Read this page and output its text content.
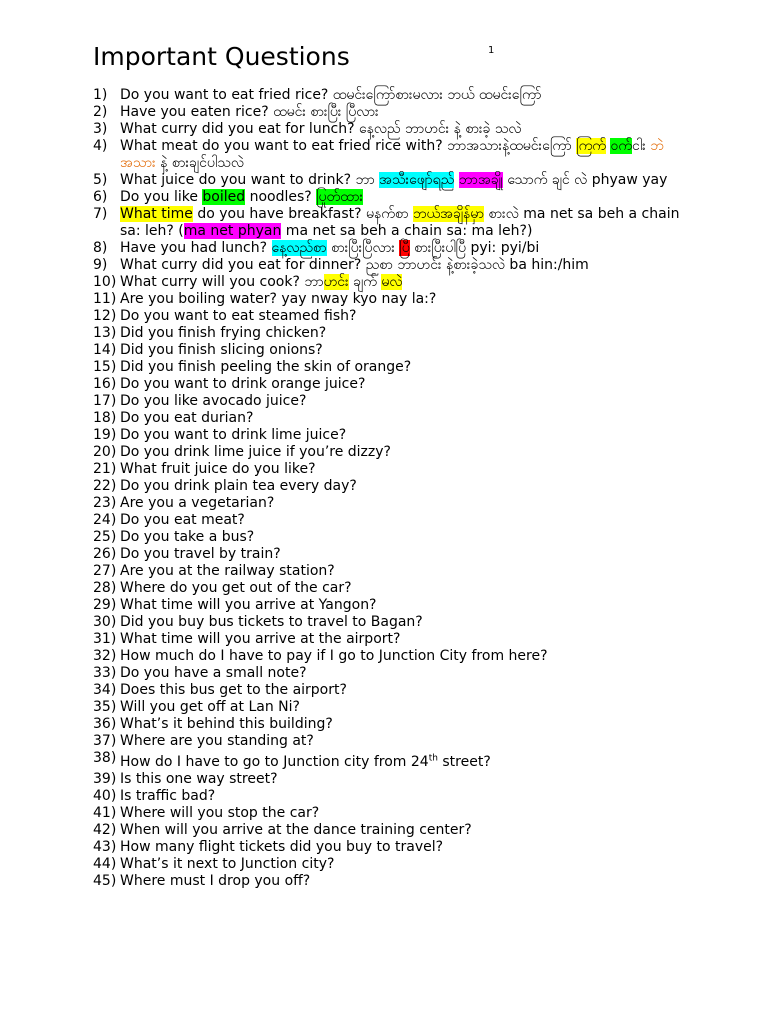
Important Questions	1
1) Do you want to eat fried rice? ထမင်းကြော်စားမလား ဘယ် ထမင်းကြော်
2) Have you eaten rice? ထမင်း စားပြီး ပြီလား
3) What curry did you eat for lunch? နေ့လည် ဘာဟင်း နဲ့ စားခဲ့ သလဲ
4) What meat do you want to eat fried rice with? ဘာအသားနဲ့ထမင်းကြော် ကြက် ဝက်ငါး ဘဲ အသား နဲ့ စားချင်ပါသလဲ
5) What juice do you want to drink? ဘာ အသီးဖျော်ရည် ဘာအချို သောက် ချင် လဲ phyaw yay
6) Do you like boiled noodles? ပြုတ်ထား
7) What time do you have breakfast? မနက်စာ ဘယ်အချိန်မှာ စားလဲ ma net sa beh a chain sa: leh? (ma net phyan ma net sa beh a chain sa: ma leh?)
8) Have you had lunch? နေ့လည်စာ စားပြီးပြီလား ပြီ စားပြီးပါပြီ pyi: pyi/bi
9) What curry did you eat for dinner? ညစာ ဘာဟင်း နဲ့စားခဲ့သလဲ ba hin:/him
10) What curry will you cook? ဘာဟင်း ချက် မလဲ
11) Are you boiling water? yay nway kyo nay la:?
12) Do you want to eat steamed fish?
13) Did you finish frying chicken?
14) Did you finish slicing onions?
15) Did you finish peeling the skin of orange?
16) Do you want to drink orange juice?
17) Do you like avocado juice?
18) Do you eat durian?
19) Do you want to drink lime juice?
20) Do you drink lime juice if you’re dizzy?
21) What fruit juice do you like?
22) Do you drink plain tea every day?
23) Are you a vegetarian?
24) Do you eat meat?
25) Do you take a bus?
26) Do you travel by train?
27) Are you at the railway station?
28) Where do you get out of the car?
29) What time will you arrive at Yangon?
30) Did you buy bus tickets to travel to Bagan?
31) What time will you arrive at the airport?
32) How much do I have to pay if I go to Junction City from here?
33) Do you have a small note?
34) Does this bus get to the airport?
35) Will you get off at Lan Ni?
36) What’s it behind this building?
37) Where are you standing at?
38) How do I have to go to Junction city from 24th street?
39) Is this one way street?
40) Is traffic bad?
41) Where will you stop the car?
42) When will you arrive at the dance training center?
43) How many flight tickets did you buy to travel?
44) What’s it next to Junction city?
45) Where must I drop you off?
